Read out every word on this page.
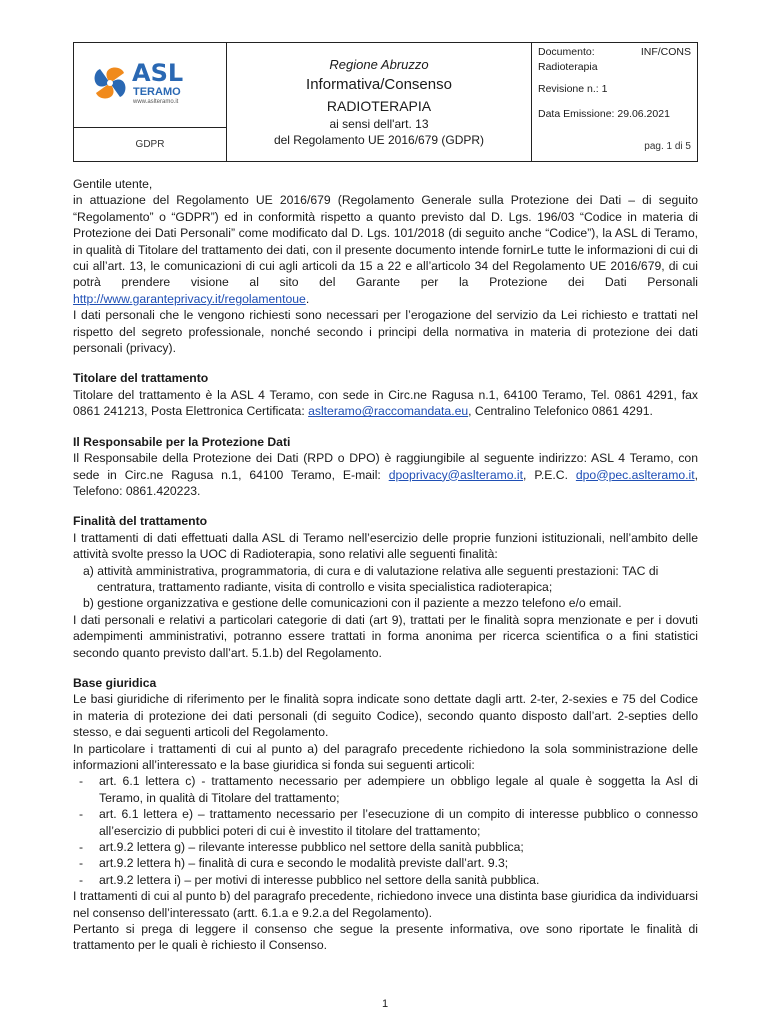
ASL
TERAMO
www.aslteramo.it
GDPR
Regione Abruzzo
Informativa/Consenso
RADIOTERAPIA
ai sensi dell'art. 13
del Regolamento UE 2016/679 (GDPR)
Documento:	INF/CONS
Radioterapia
Revisione n.: 1
Data Emissione: 29.06.2021
pag. 1 di 5

Gentile utente,

in attuazione del Regolamento UE 2016/679 (Regolamento Generale sulla Protezione dei Dati – di seguito “Regolamento” o “GDPR”) ed in conformità rispetto a quanto previsto dal D. Lgs. 196/03 “Codice in materia di Protezione dei Dati Personali” come modificato dal D. Lgs. 101/2018 (di seguito anche “Codice”), la ASL di Teramo, in qualità di Titolare del trattamento dei dati, con il presente documento intende fornirLe tutte le informazioni di cui di cui all’art. 13, le comunicazioni di cui agli articoli da 15 a 22 e all’articolo 34 del Regolamento UE 2016/679, di cui potrà prendere visione al sito del Garante per la Protezione dei Dati Personali http://www.garanteprivacy.it/regolamentoue.

I dati personali che le vengono richiesti sono necessari per l’erogazione del servizio da Lei richiesto e trattati nel rispetto del segreto professionale, nonché secondo i principi della normativa in materia di protezione dei dati personali (privacy).

Titolare del trattamento

Titolare del trattamento è la ASL 4 Teramo, con sede in Circ.ne Ragusa n.1, 64100 Teramo, Tel. 0861 4291, fax 0861 241213, Posta Elettronica Certificata: aslteramo@raccomandata.eu, Centralino Telefonico 0861 4291.

Il Responsabile per la Protezione Dati

Il Responsabile della Protezione dei Dati (RPD o DPO) è raggiungibile al seguente indirizzo: ASL 4 Teramo, con sede in Circ.ne Ragusa n.1, 64100 Teramo, E-mail: dpoprivacy@aslteramo.it, P.E.C. dpo@pec.aslteramo.it, Telefono: 0861.420223.

Finalità del trattamento

I trattamenti di dati effettuati dalla ASL di Teramo nell’esercizio delle proprie funzioni istituzionali, nell’ambito delle attività svolte presso la UOC di Radioterapia, sono relativi alle seguenti finalità:

a) attività amministrativa, programmatoria, di cura e di valutazione relativa alle seguenti prestazioni: TAC di
centratura, trattamento radiante, visita di controllo e visita specialistica radioterapica;
b) gestione organizzativa e gestione delle comunicazioni con il paziente a mezzo telefono e/o email.

I dati personali e relativi a particolari categorie di dati (art 9), trattati per le finalità sopra menzionate e per i dovuti adempimenti amministrativi, potranno essere trattati in forma anonima per ricerca scientifica o a fini statistici secondo quanto previsto dall’art. 5.1.b) del Regolamento.

Base giuridica

Le basi giuridiche di riferimento per le finalità sopra indicate sono dettate dagli artt. 2-ter, 2-sexies e 75 del Codice in materia di protezione dei dati personali (di seguito Codice), secondo quanto disposto dall’art. 2-septies dello stesso, e dai seguenti articoli del Regolamento.

In particolare i trattamenti di cui al punto a) del paragrafo precedente richiedono la sola somministrazione delle informazioni all’interessato e la base giuridica si fonda sui seguenti articoli:

-	art. 6.1 lettera c) - trattamento necessario per adempiere un obbligo legale al quale è soggetta la Asl di Teramo, in qualità di Titolare del trattamento;
-	art. 6.1 lettera e) – trattamento necessario per l’esecuzione di un compito di interesse pubblico o connesso all’esercizio di pubblici poteri di cui è investito il titolare del trattamento;
-	art.9.2 lettera g) – rilevante interesse pubblico nel settore della sanità pubblica;
-	art.9.2 lettera h) – finalità di cura e secondo le modalità previste dall’art. 9.3;
-	art.9.2 lettera i) – per motivi di interesse pubblico nel settore della sanità pubblica.

I trattamenti di cui al punto b) del paragrafo precedente, richiedono invece una distinta base giuridica da individuarsi nel consenso dell’interessato (artt. 6.1.a e 9.2.a del Regolamento).

Pertanto si prega di leggere il consenso che segue la presente informativa, ove sono riportate le finalità di trattamento per le quali è richiesto il Consenso.

1
